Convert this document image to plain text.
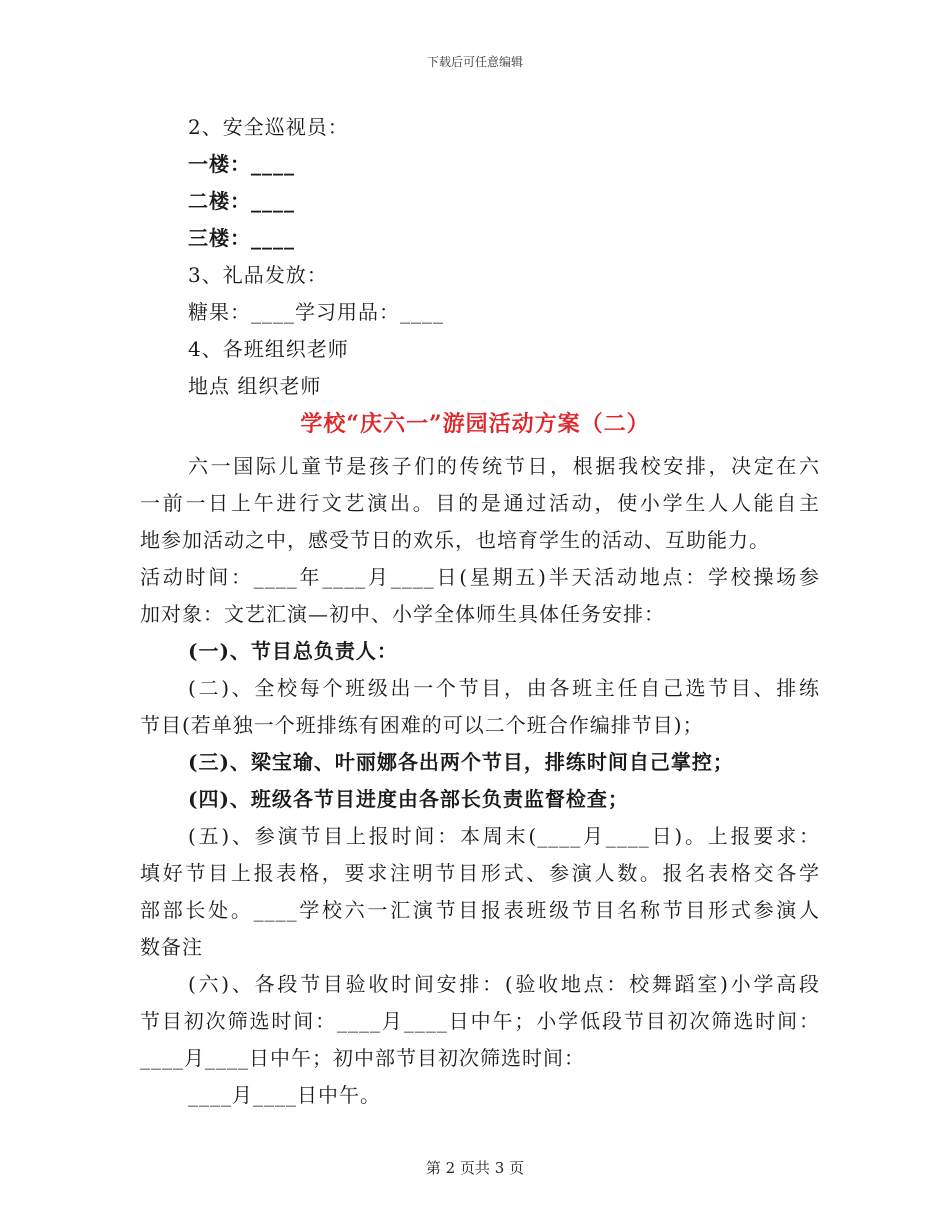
下载后可任意编辑
2、安全巡视员：
一楼：____
二楼：____
三楼：____
3、礼品发放：
糖果：____学习用品：____
4、各班组织老师
地点 组织老师
学校“庆六一”游园活动方案（二）
六一国际儿童节是孩子们的传统节日，根据我校安排，决定在六
一前一日上午进行文艺演出。目的是通过活动，使小学生人人能自主
地参加活动之中，感受节日的欢乐，也培育学生的活动、互助能力。
活动时间：____年____月____日(星期五)半天活动地点：学校操场参
加对象：文艺汇演—初中、小学全体师生具体任务安排：
(一)、节目总负责人：
(二)、全校每个班级出一个节目，由各班主任自己选节目、排练
节目(若单独一个班排练有困难的可以二个班合作编排节目)；
(三)、梁宝瑜、叶丽娜各出两个节目，排练时间自己掌控；
(四)、班级各节目进度由各部长负责监督检查；
(五)、参演节目上报时间：本周末(____月____日)。上报要求：
填好节目上报表格，要求注明节目形式、参演人数。报名表格交各学
部部长处。____学校六一汇演节目报表班级节目名称节目形式参演人
数备注
(六)、各段节目验收时间安排：(验收地点：校舞蹈室)小学高段
节目初次筛选时间：____月____日中午；小学低段节目初次筛选时间：
____月____日中午；初中部节目初次筛选时间：
____月____日中午。
第 2 页共 3 页
